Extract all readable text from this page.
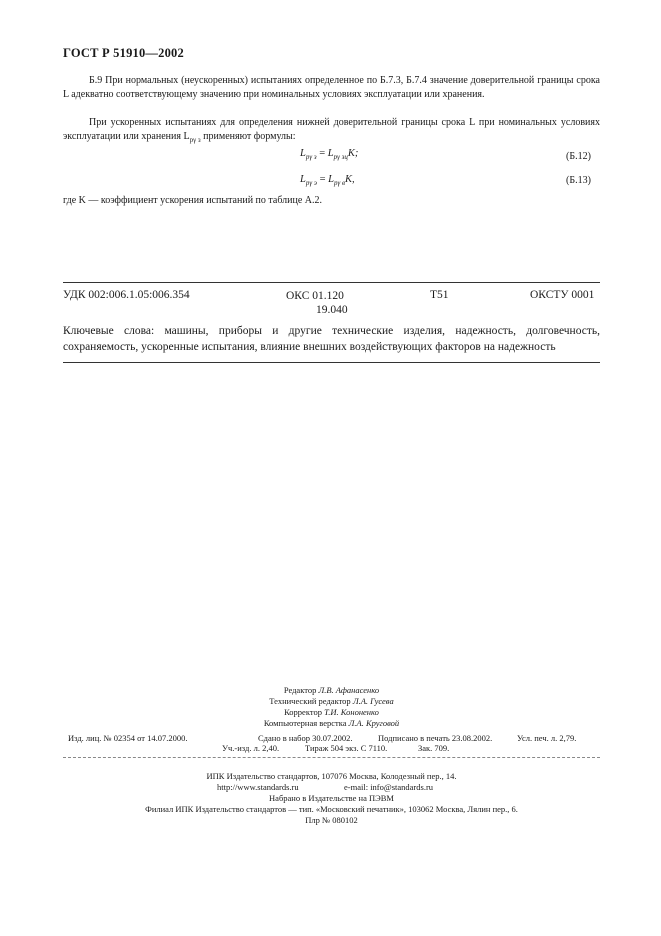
ГОСТ Р 51910—2002
Б.9 При нормальных (неускоренных) испытаниях определенное по Б.7.3, Б.7.4 значение доверительной границы срока L адекватно соответствующему значению при номинальных условиях эксплуатации или хранения.
При ускоренных испытаниях для определения нижней доверительной границы срока L при номинальных условиях эксплуатации или хранения $L_{p\gamma з}$ применяют формулы:
$L_{p\gamma з} = L_{p\gamma зц}K$;	(Б.12)
$L_{p\gamma э} = L_{p\gamma в}K$,	(Б.13)
где K — коэффициент ускорения испытаний по таблице А.2.
УДК 002:006.1.05:006.354	ОКС 01.120
19.040
Т51	ОКСТУ 0001
Ключевые слова: машины, приборы и другие технические изделия, надежность, долговечность, сохраняемость, ускоренные испытания, влияние внешних воздействующих факторов на надежность
Редактор Л.В. Афанасенко
Технический редактор Л.А. Гусева
Корректор Т.И. Кононенко
Компьютерная верстка Л.А. Круговой
Изд. лиц. № 02354 от 14.07.2000.	Сдано в набор 30.07.2002.	Подписано в печать 23.08.2002.	Усл. печ. л. 2,79.
Уч.-изд. л. 2,40.	Тираж 504 экз. С 7110.	Зак. 709.
ИПК Издательство стандартов, 107076 Москва, Колодезный пер., 14.
http://www.standards.ru	e-mail: info@standards.ru
Набрано в Издательстве на ПЭВМ
Филиал ИПК Издательство стандартов — тип. «Московский печатник», 103062 Москва, Лялин пер., 6.
Плр № 080102
